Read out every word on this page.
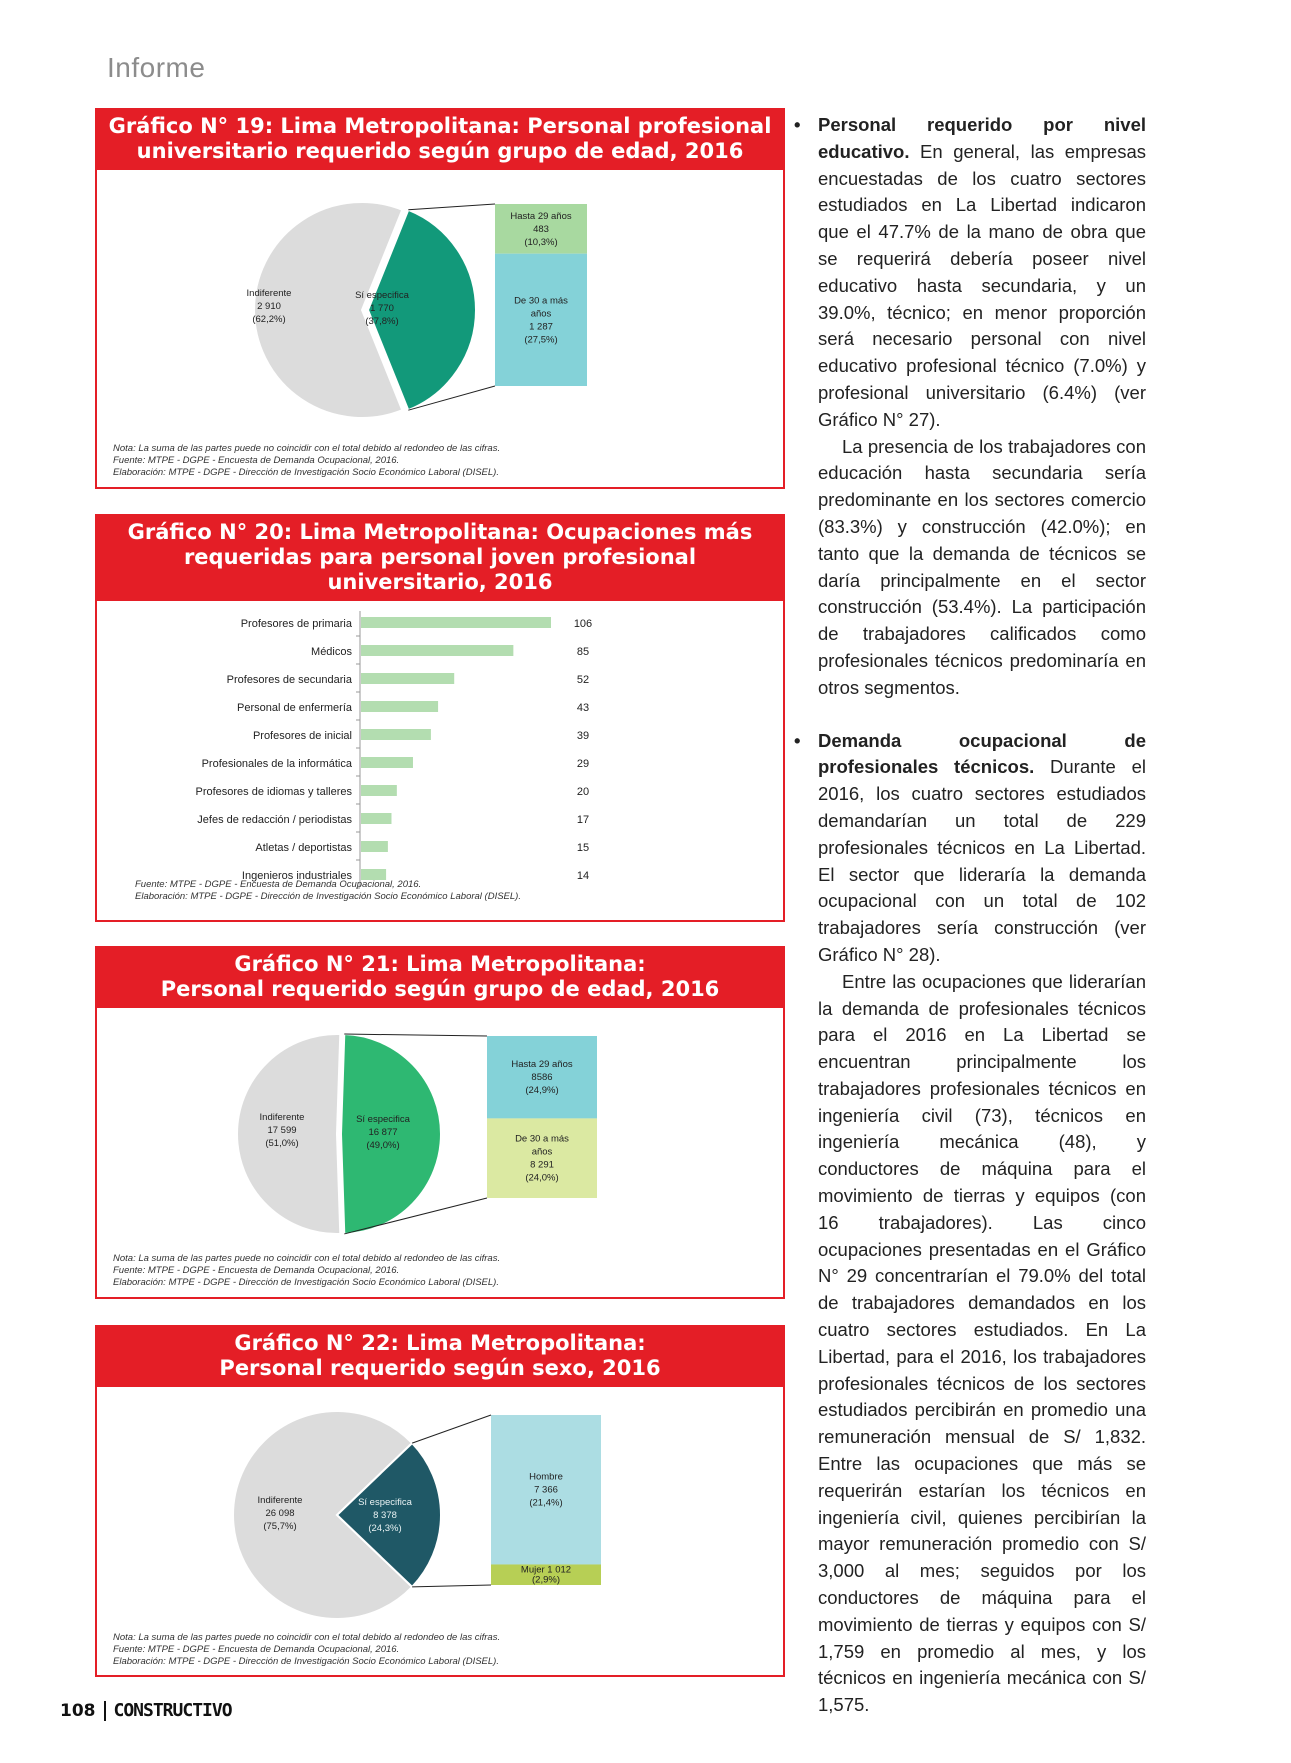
Informe
Gráfico N° 19: Lima Metropolitana: Personal profesional
universitario requerido según grupo de edad, 2016
Indiferente 2 910 (62,2%)
Sí especifica 1 770 (37,8%)
Hasta 29 años 483 (10,3%)
De 30 a más años 1 287 (27,5%)
Nota: La suma de las partes puede no coincidir con el total debido al redondeo de las cifras.
Fuente: MTPE - DGPE - Encuesta de Demanda Ocupacional, 2016.
Elaboración: MTPE - DGPE - Dirección de Investigación Socio Económico Laboral (DISEL).
Gráfico N° 20: Lima Metropolitana: Ocupaciones más
requeridas para personal joven profesional universitario, 2016
Profesores de primaria	106
Médicos	85
Profesores de secundaria	52
Personal de enfermería	43
Profesores de inicial	39
Profesionales de la informática	29
Profesores de idiomas y talleres	20
Jefes de redacción / periodistas	17
Atletas / deportistas	15
Ingenieros industriales	14
Fuente: MTPE - DGPE - Encuesta de Demanda Ocupacional, 2016.
Elaboración: MTPE - DGPE - Dirección de Investigación Socio Económico Laboral (DISEL).
Gráfico N° 21: Lima Metropolitana:
Personal requerido según grupo de edad, 2016
Indiferente 17 599 (51,0%)
Sí especifica 16 877 (49,0%)
Hasta 29 años 8586 (24,9%)
De 30 a más años 8 291 (24,0%)
Nota: La suma de las partes puede no coincidir con el total debido al redondeo de las cifras.
Fuente: MTPE - DGPE - Encuesta de Demanda Ocupacional, 2016.
Elaboración: MTPE - DGPE - Dirección de Investigación Socio Económico Laboral (DISEL).
Gráfico N° 22: Lima Metropolitana:
Personal requerido según sexo, 2016
Indiferente 26 098 (75,7%)
Sí especifica 8 378 (24,3%)
Hombre 7 366 (21,4%)
Mujer 1 012 (2,9%)
Nota: La suma de las partes puede no coincidir con el total debido al redondeo de las cifras.
Fuente: MTPE - DGPE - Encuesta de Demanda Ocupacional, 2016.
Elaboración: MTPE - DGPE - Dirección de Investigación Socio Económico Laboral (DISEL).

• Personal requerido por nivel educativo. En general, las empresas encuestadas de los cuatro sectores estudiados en La Libertad indicaron que el 47.7% de la mano de obra que se requerirá debería poseer nivel educativo hasta secundaria, y un 39.0%, técnico; en menor proporción será necesario personal con nivel educativo profesional técnico (7.0%) y profesional universitario (6.4%) (ver Gráfico N° 27).

La presencia de los trabajadores con educación hasta secundaria sería predominante en los sectores comercio (83.3%) y construcción (42.0%); en tanto que la demanda de técnicos se daría principalmente en el sector construcción (53.4%). La participación de trabajadores calificados como profesionales técnicos predominaría en otros segmentos.

• Demanda ocupacional de profesionales técnicos. Durante el 2016, los cuatro sectores estudiados demandarían un total de 229 profesionales técnicos en La Libertad. El sector que lideraría la demanda ocupacional con un total de 102 trabajadores sería construcción (ver Gráfico N° 28).

Entre las ocupaciones que liderarían la demanda de profesionales técnicos para el 2016 en La Libertad se encuentran principalmente los trabajadores profesionales técnicos en ingeniería civil (73), técnicos en ingeniería mecánica (48), y conductores de máquina para el movimiento de tierras y equipos (con 16 trabajadores). Las cinco ocupaciones presentadas en el Gráfico N° 29 concentrarían el 79.0% del total de trabajadores demandados en los cuatro sectores estudiados. En La Libertad, para el 2016, los trabajadores profesionales técnicos de los sectores estudiados percibirán en promedio una remuneración mensual de S/ 1,832. Entre las ocupaciones que más se requerirán estarían los técnicos en ingeniería civil, quienes percibirían la mayor remuneración promedio con S/ 3,000 al mes; seguidos por los conductores de máquina para el movimiento de tierras y equipos con S/ 1,759 en promedio al mes, y los técnicos en ingeniería mecánica con S/ 1,575.

108 CONSTRUCTIVO
